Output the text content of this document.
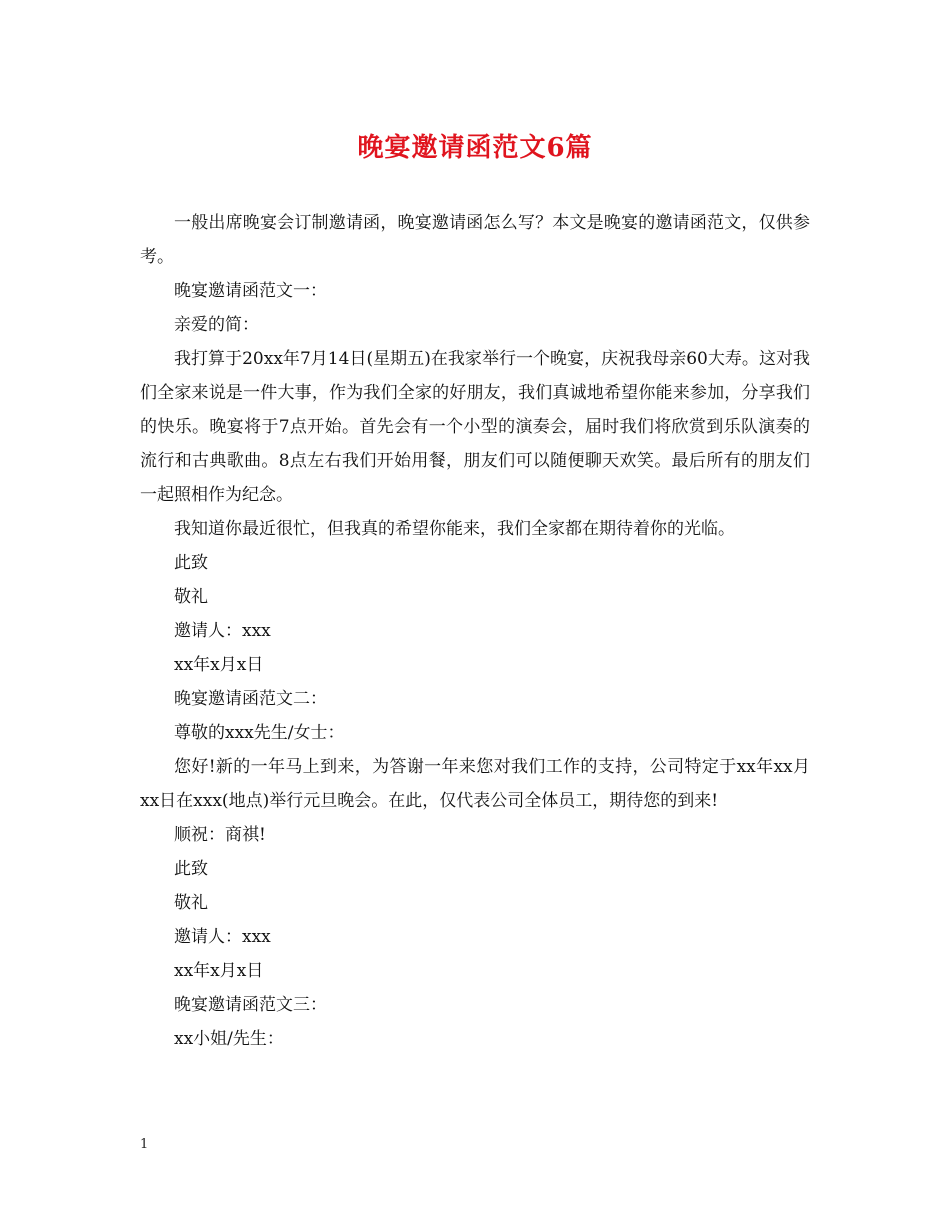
晚宴邀请函范文6篇

一般出席晚宴会订制邀请函，晚宴邀请函怎么写？本文是晚宴的邀请函范文，仅供参考。

晚宴邀请函范文一：

亲爱的简：

我打算于20xx年7月14日(星期五)在我家举行一个晚宴，庆祝我母亲60大寿。这对我们全家来说是一件大事，作为我们全家的好朋友，我们真诚地希望你能来参加，分享我们的快乐。晚宴将于7点开始。首先会有一个小型的演奏会，届时我们将欣赏到乐队演奏的流行和古典歌曲。8点左右我们开始用餐，朋友们可以随便聊天欢笑。最后所有的朋友们一起照相作为纪念。

我知道你最近很忙，但我真的希望你能来，我们全家都在期待着你的光临。

此致

敬礼

邀请人：xxx

xx年x月x日

晚宴邀请函范文二：

尊敬的xxx先生/女士：

您好!新的一年马上到来，为答谢一年来您对我们工作的支持，公司特定于xx年xx月xx日在xxx(地点)举行元旦晚会。在此，仅代表公司全体员工，期待您的到来!

顺祝：商祺!

此致

敬礼

邀请人：xxx

xx年x月x日

晚宴邀请函范文三：

xx小姐/先生：

1
